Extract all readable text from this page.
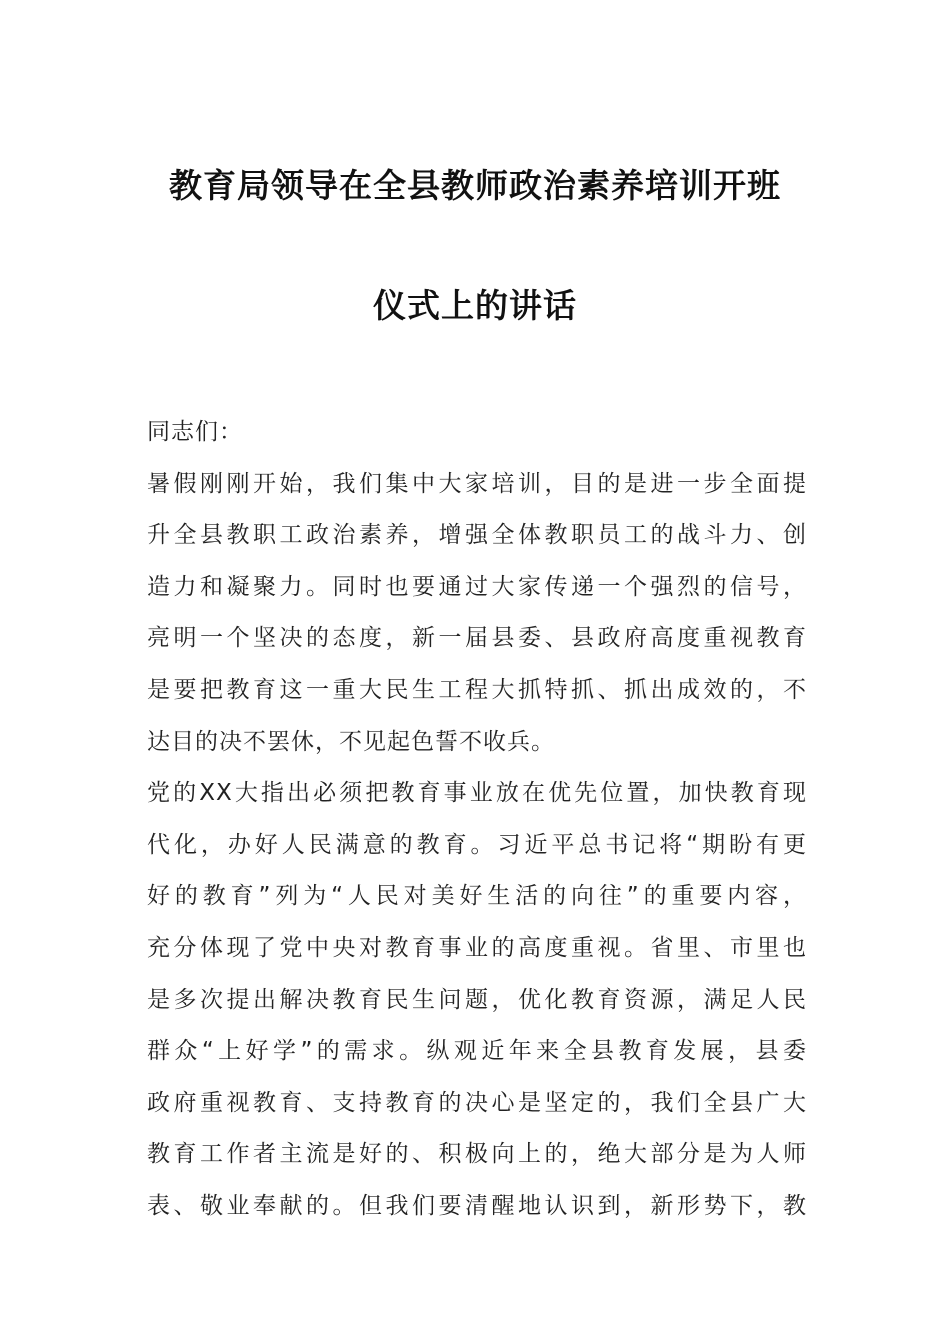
教育局领导在全县教师政治素养培训开班
仪式上的讲话
同志们：
暑假刚刚开始，我们集中大家培训，目的是进一步全面提
升全县教职工政治素养，增强全体教职员工的战斗力、创
造力和凝聚力。同时也要通过大家传递一个强烈的信号，
亮明一个坚决的态度，新一届县委、县政府高度重视教育
是要把教育这一重大民生工程大抓特抓、抓出成效的，不
达目的决不罢休，不见起色誓不收兵。
党的XX大指出必须把教育事业放在优先位置，加快教育现
代化，办好人民满意的教育。习近平总书记将“期盼有更
好的教育”列为“人民对美好生活的向往”的重要内容，
充分体现了党中央对教育事业的高度重视。省里、市里也
是多次提出解决教育民生问题，优化教育资源，满足人民
群众“上好学”的需求。纵观近年来全县教育发展，县委
政府重视教育、支持教育的决心是坚定的，我们全县广大
教育工作者主流是好的、积极向上的，绝大部分是为人师
表、敬业奉献的。但我们要清醒地认识到，新形势下，教
